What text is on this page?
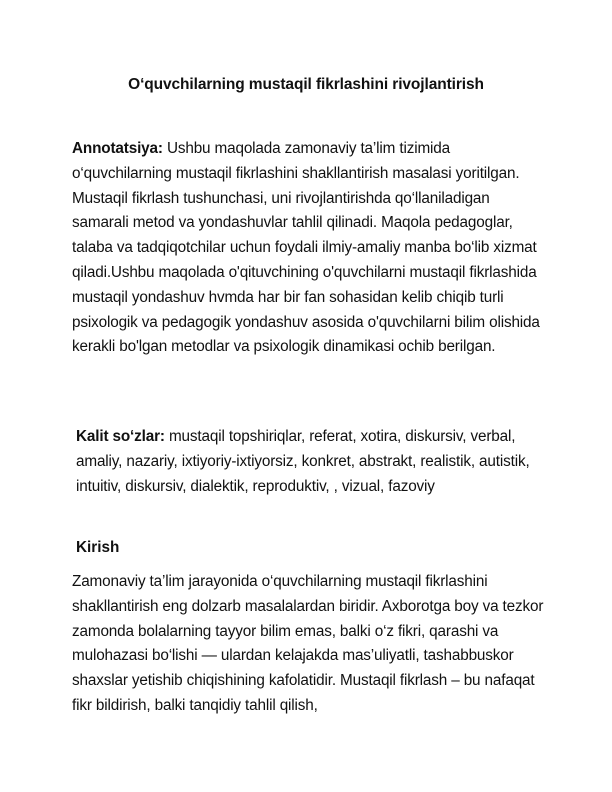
O‘quvchilarning mustaqil fikrlashini rivojlantirish

Annotatsiya: Ushbu maqolada zamonaviy ta’lim tizimida o‘quvchilarning mustaqil fikrlashini shakllantirish masalasi yoritilgan. Mustaqil fikrlash tushunchasi, uni rivojlantirishda qo‘llaniladigan samarali metod va yondashuvlar tahlil qilinadi. Maqola pedagoglar, talaba va tadqiqotchilar uchun foydali ilmiy-amaliy manba bo‘lib xizmat qiladi.Ushbu maqolada o'qituvchining o'quvchilarni mustaqil fikrlashida mustaqil yondashuv hvmda har bir fan sohasidan kelib chiqib turli psixologik va pedagogik yondashuv asosida o'quvchilarni bilim olishida kerakli bo'lgan metodlar va psixologik dinamikasi ochib berilgan.

Kalit so‘zlar: mustaqil topshiriqlar, referat, xotira, diskursiv, verbal, amaliy, nazariy, ixtiyoriy-ixtiyorsiz, konkret, abstrakt, realistik, autistik, intuitiv, diskursiv, dialektik, reproduktiv, , vizual, fazoviy

Kirish

Zamonaviy ta’lim jarayonida o‘quvchilarning mustaqil fikrlashini shakllantirish eng dolzarb masalalardan biridir. Axborotga boy va tezkor zamonda bolalarning tayyor bilim emas, balki o‘z fikri, qarashi va mulohazasi bo‘lishi — ulardan kelajakda mas’uliyatli, tashabbuskor shaxslar yetishib chiqishining kafolatidir. Mustaqil fikrlash – bu nafaqat fikr bildirish, balki tanqidiy tahlil qilish,
